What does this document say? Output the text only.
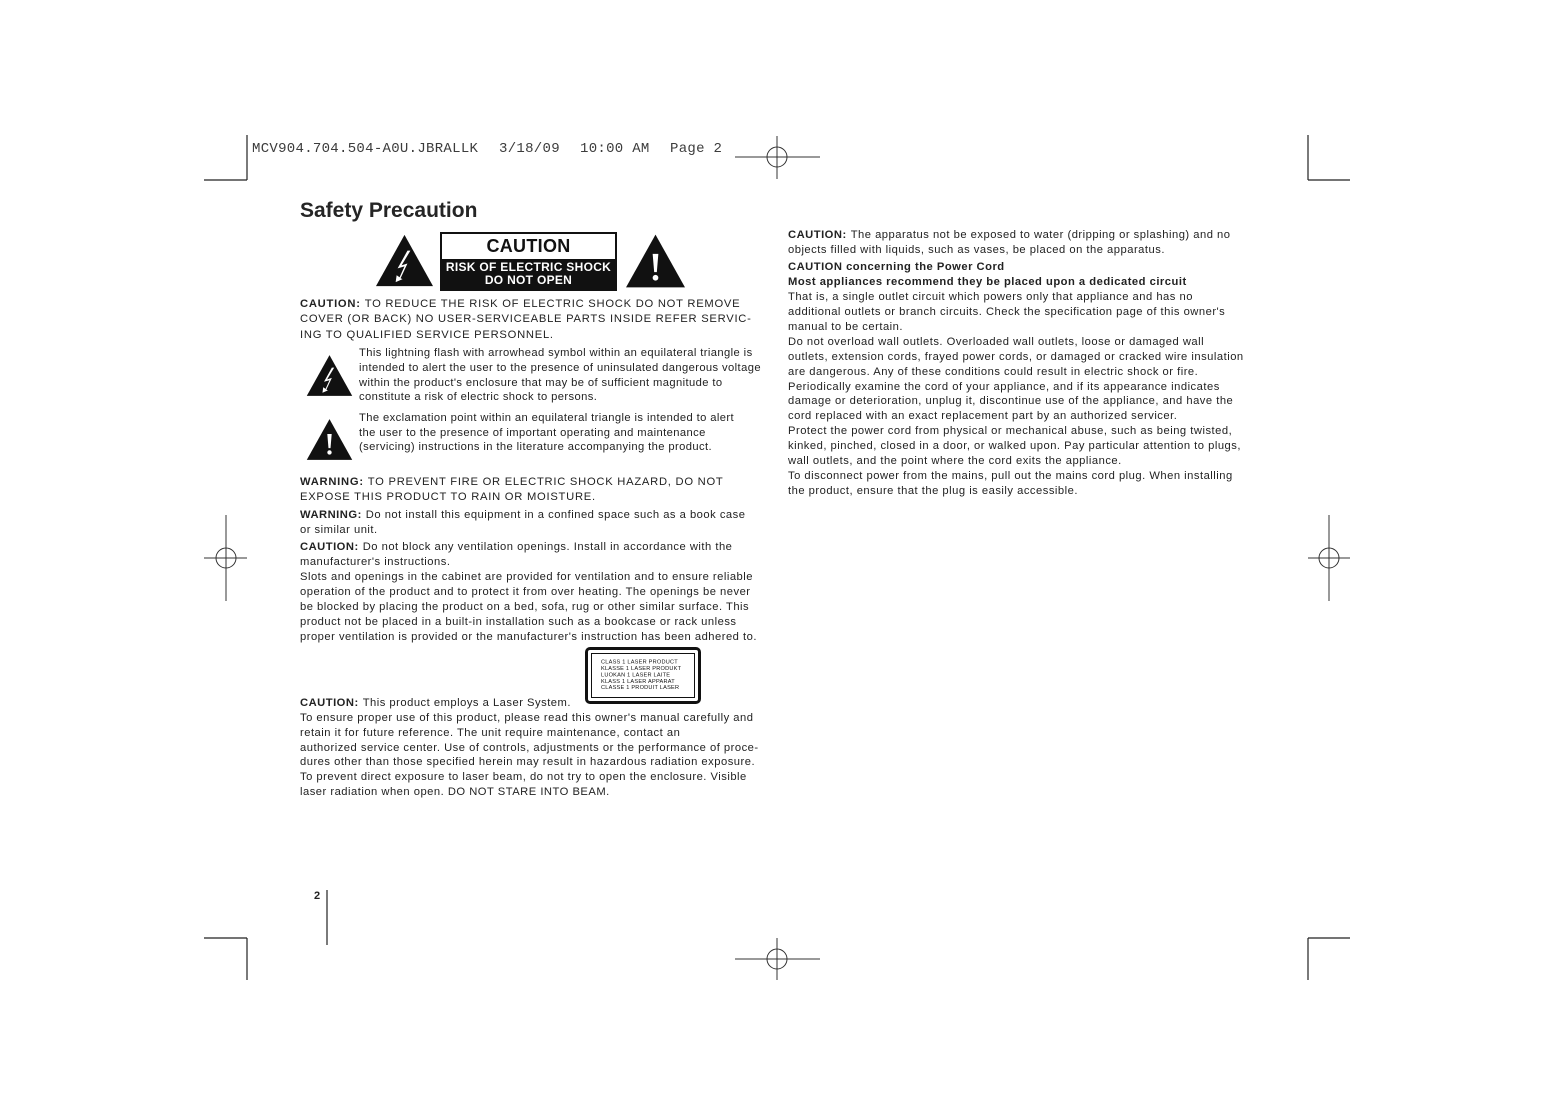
MCV904.704.504-A0U.JBRALLK 3/18/09 10:00 AM Page 2
Safety Precaution
CAUTION
RISK OF ELECTRIC SHOCK
DO NOT OPEN
CAUTION: TO REDUCE THE RISK OF ELECTRIC SHOCK DO NOT REMOVE
COVER (OR BACK) NO USER-SERVICEABLE PARTS INSIDE REFER SERVIC-
ING TO QUALIFIED SERVICE PERSONNEL.
This lightning flash with arrowhead symbol within an equilateral triangle is
intended to alert the user to the presence of uninsulated dangerous voltage
within the product's enclosure that may be of sufficient magnitude to
constitute a risk of electric shock to persons.
The exclamation point within an equilateral triangle is intended to alert
the user to the presence of important operating and maintenance
(servicing) instructions in the literature accompanying the product.
WARNING: TO PREVENT FIRE OR ELECTRIC SHOCK HAZARD, DO NOT
EXPOSE THIS PRODUCT TO RAIN OR MOISTURE.
WARNING: Do not install this equipment in a confined space such as a book case
or similar unit.
CAUTION: Do not block any ventilation openings. Install in accordance with the
manufacturer's instructions.
Slots and openings in the cabinet are provided for ventilation and to ensure reliable
operation of the product and to protect it from over heating. The openings be never
be blocked by placing the product on a bed, sofa, rug or other similar surface. This
product not be placed in a built-in installation such as a bookcase or rack unless
proper ventilation is provided or the manufacturer's instruction has been adhered to.
CLASS 1 LASER PRODUCT
KLASSE 1 LASER PRODUKT
LUOKAN 1 LASER LAITE
KLASS 1 LASER APPARAT
CLASSE 1 PRODUIT LASER
CAUTION: This product employs a Laser System.
To ensure proper use of this product, please read this owner's manual carefully and
retain it for future reference. The unit require maintenance, contact an
authorized service center. Use of controls, adjustments or the performance of proce-
dures other than those specified herein may result in hazardous radiation exposure.
To prevent direct exposure to laser beam, do not try to open the enclosure. Visible
laser radiation when open. DO NOT STARE INTO BEAM.
CAUTION: The apparatus not be exposed to water (dripping or splashing) and no
objects filled with liquids, such as vases, be placed on the apparatus.
CAUTION concerning the Power Cord
Most appliances recommend they be placed upon a dedicated circuit
That is, a single outlet circuit which powers only that appliance and has no
additional outlets or branch circuits. Check the specification page of this owner's
manual to be certain.
Do not overload wall outlets. Overloaded wall outlets, loose or damaged wall
outlets, extension cords, frayed power cords, or damaged or cracked wire insulation
are dangerous. Any of these conditions could result in electric shock or fire.
Periodically examine the cord of your appliance, and if its appearance indicates
damage or deterioration, unplug it, discontinue use of the appliance, and have the
cord replaced with an exact replacement part by an authorized servicer.
Protect the power cord from physical or mechanical abuse, such as being twisted,
kinked, pinched, closed in a door, or walked upon. Pay particular attention to plugs,
wall outlets, and the point where the cord exits the appliance.
To disconnect power from the mains, pull out the mains cord plug. When installing
the product, ensure that the plug is easily accessible.
2
